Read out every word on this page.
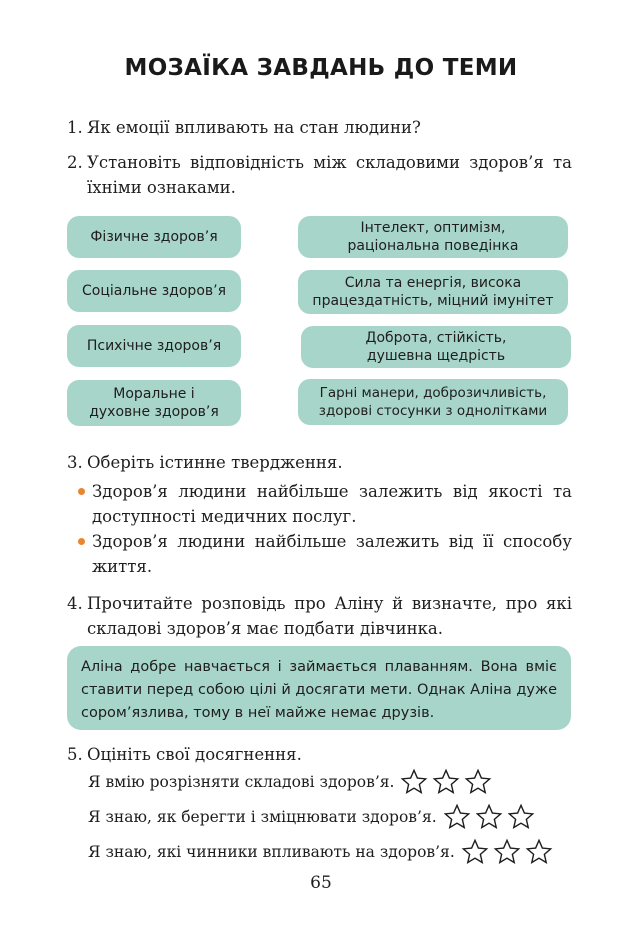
МОЗАЇКА ЗАВДАНЬ ДО ТЕМИ
1. Як емоції впливають на стан людини?
2. Установіть відповідність між складовими здоров’я та їхніми ознаками.
Фізичне здоров’я
Соціальне здоров’я
Психічне здоров’я
Моральне і духовне здоров’я
Інтелект, оптимізм, раціональна поведінка
Сила та енергія, висока працездатність, міцний імунітет
Доброта, стійкість, душевна щедрість
Гарні манери, доброзичливість, здорові стосунки з однолітками
3. Оберіть істинне твердження.
Здоров’я людини найбільше залежить від якості та доступності медичних послуг.
Здоров’я людини найбільше залежить від її способу життя.
4. Прочитайте розповідь про Аліну й визначте, про які складові здоров’я має подбати дівчинка.
Аліна добре навчається і займається плаванням. Вона вміє ставити перед собою цілі й досягати мети. Однак Аліна дуже сором’язлива, тому в неї майже немає друзів.
5. Оцініть свої досягнення.
Я вмію розрізняти складові здоров’я.
Я знаю, як берегти і зміцнювати здоров’я.
Я знаю, які чинники впливають на здоров’я.
65
